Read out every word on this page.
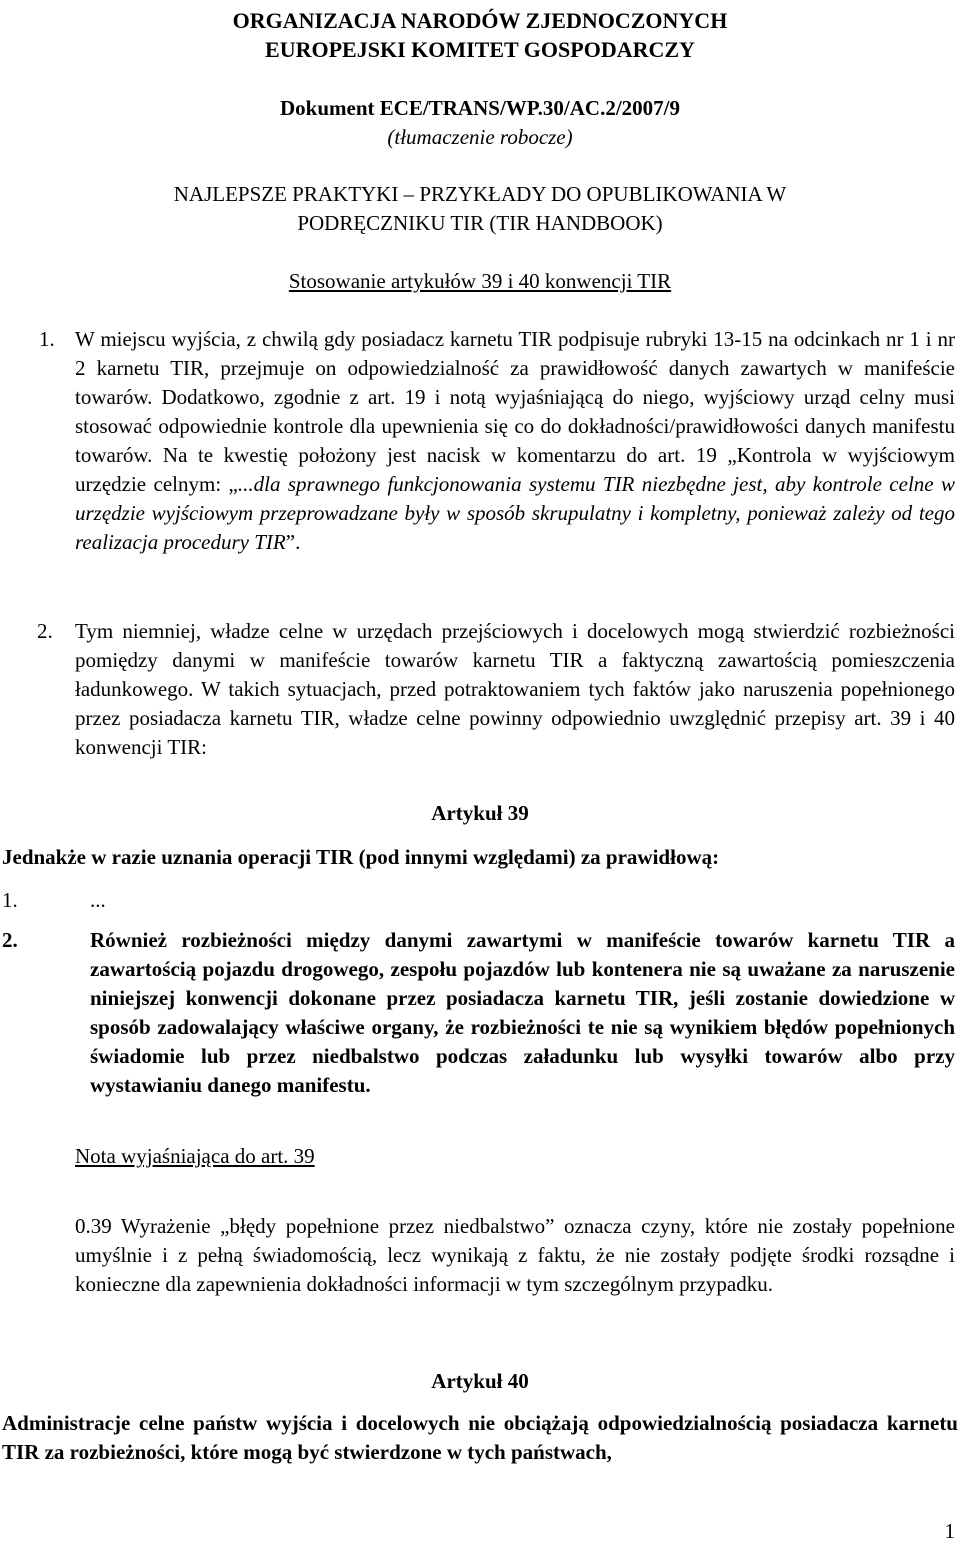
ORGANIZACJA NARODÓW ZJEDNOCZONYCH
EUROPEJSKI KOMITET GOSPODARCZY
Dokument ECE/TRANS/WP.30/AC.2/2007/9
(tłumaczenie robocze)
NAJLEPSZE PRAKTYKI – PRZYKŁADY DO OPUBLIKOWANIA W
PODRĘCZNIKU TIR (TIR HANDBOOK)
Stosowanie artykułów 39 i 40 konwencji TIR
1. W miejscu wyjścia, z chwilą gdy posiadacz karnetu TIR podpisuje rubryki 13-15 na odcinkach nr 1 i nr 2 karnetu TIR, przejmuje on odpowiedzialność za prawidłowość danych zawartych w manifeście towarów. Dodatkowo, zgodnie z art. 19 i notą wyjaśniającą do niego, wyjściowy urząd celny musi stosować odpowiednie kontrole dla upewnienia się co do dokładności/prawidłowości danych manifestu towarów. Na te kwestię położony jest nacisk w komentarzu do art. 19 „Kontrola w wyjściowym urzędzie celnym: „...dla sprawnego funkcjonowania systemu TIR niezbędne jest, aby kontrole celne w urzędzie wyjściowym przeprowadzane były w sposób skrupulatny i kompletny, ponieważ zależy od tego realizacja procedury TIR”.
2. Tym niemniej, władze celne w urzędach przejściowych i docelowych mogą stwierdzić rozbieżności pomiędzy danymi w manifeście towarów karnetu TIR a faktyczną zawartością pomieszczenia ładunkowego. W takich sytuacjach, przed potraktowaniem tych faktów jako naruszenia popełnionego przez posiadacza karnetu TIR, władze celne powinny odpowiednio uwzględnić przepisy art. 39 i 40 konwencji TIR:
Artykuł 39
Jednakże w razie uznania operacji TIR (pod innymi względami) za prawidłową:
1.	...
2.	Również rozbieżności między danymi zawartymi w manifeście towarów karnetu TIR a zawartością pojazdu drogowego, zespołu pojazdów lub kontenera nie są uważane za naruszenie niniejszej konwencji dokonane przez posiadacza karnetu TIR, jeśli zostanie dowiedzione w sposób zadowalający właściwe organy, że rozbieżności te nie są wynikiem błędów popełnionych świadomie lub przez niedbalstwo podczas załadunku lub wysyłki towarów albo przy wystawianiu danego manifestu.
Nota wyjaśniająca do art. 39
0.39 Wyrażenie „błędy popełnione przez niedbalstwo” oznacza czyny, które nie zostały popełnione umyślnie i z pełną świadomością, lecz wynikają z faktu, że nie zostały podjęte środki rozsądne i konieczne dla zapewnienia dokładności informacji w tym szczególnym przypadku.
Artykuł 40
Administracje celne państw wyjścia i docelowych nie obciążają odpowiedzialnością posiadacza karnetu TIR za rozbieżności, które mogą być stwierdzone w tych państwach,
1
